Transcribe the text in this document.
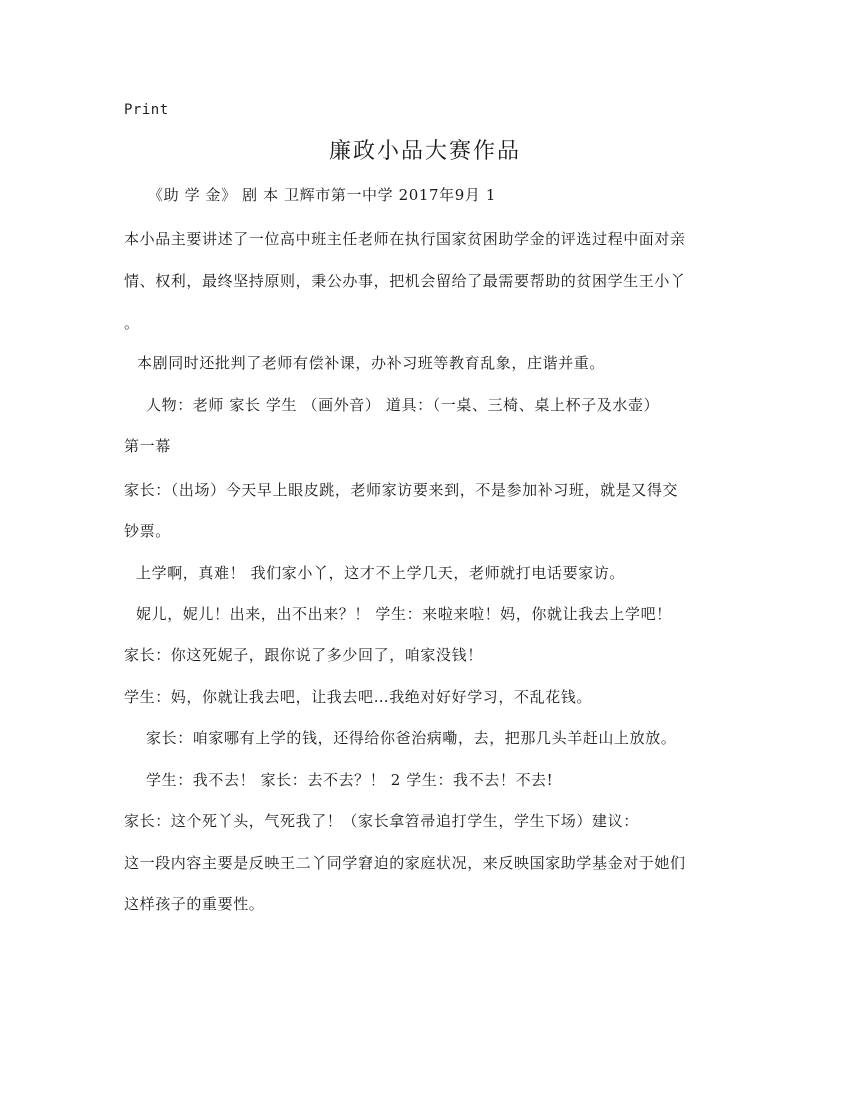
Print
廉政小品大赛作品
《助 学 金》 剧 本 卫辉市第一中学 2017年9月 1
本小品主要讲述了一位高中班主任老师在执行国家贫困助学金的评选过程中面对亲
情、权利，最终坚持原则，秉公办事，把机会留给了最需要帮助的贫困学生王小丫
。
本剧同时还批判了老师有偿补课，办补习班等教育乱象，庄谐并重。
人物：老师 家长 学生 （画外音） 道具：（一桌、三椅、桌上杯子及水壶）
第一幕
家长：（出场）今天早上眼皮跳，老师家访要来到，不是参加补习班，就是又得交
钞票。
上学啊，真难！ 我们家小丫，这才不上学几天，老师就打电话要家访。
妮儿，妮儿！出来，出不出来？！ 学生：来啦来啦！妈，你就让我去上学吧！
家长：你这死妮子，跟你说了多少回了，咱家没钱！
学生：妈，你就让我去吧，让我去吧…我绝对好好学习，不乱花钱。
家长：咱家哪有上学的钱，还得给你爸治病嘞，去，把那几头羊赶山上放放。
学生：我不去！ 家长：去不去？！ 2 学生：我不去！不去!
家长：这个死丫头，气死我了！（家长拿笤帚追打学生，学生下场）建议：
这一段内容主要是反映王二丫同学窘迫的家庭状况，来反映国家助学基金对于她们
这样孩子的重要性。
